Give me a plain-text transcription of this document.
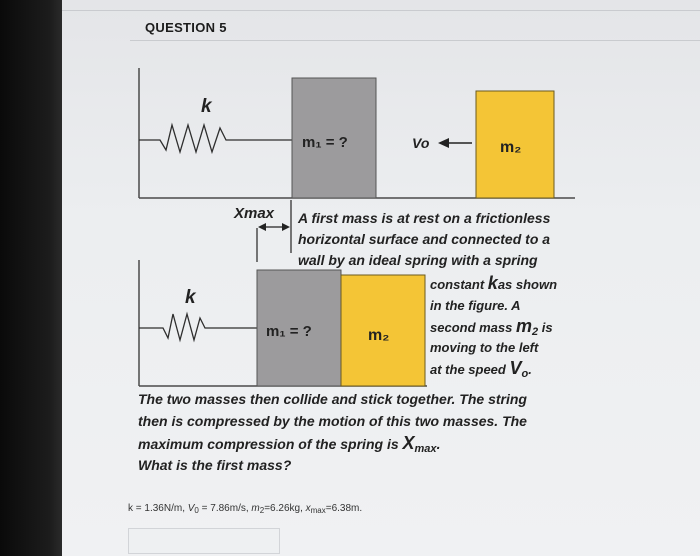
QUESTION 5
k
m₁ = ?	Vo	m₂
Xmax
k
m₁ = ?	m₂
A first mass is at rest on a frictionless
horizontal surface and connected to a
wall by an ideal spring with a spring
constant kas shown
in the figure. A
second mass $m_2$ is
moving to the left
at the speed $V_o$.
The two masses then collide and stick together. The string
then is compressed by the motion of this two masses. The
maximum compression of the spring is $X_{max}$.
What is the first mass?
k = 1.36N/m, $V_0 = 7.86m/s$, $m_2=6.26kg$, $x_{max}=6.38m$.
